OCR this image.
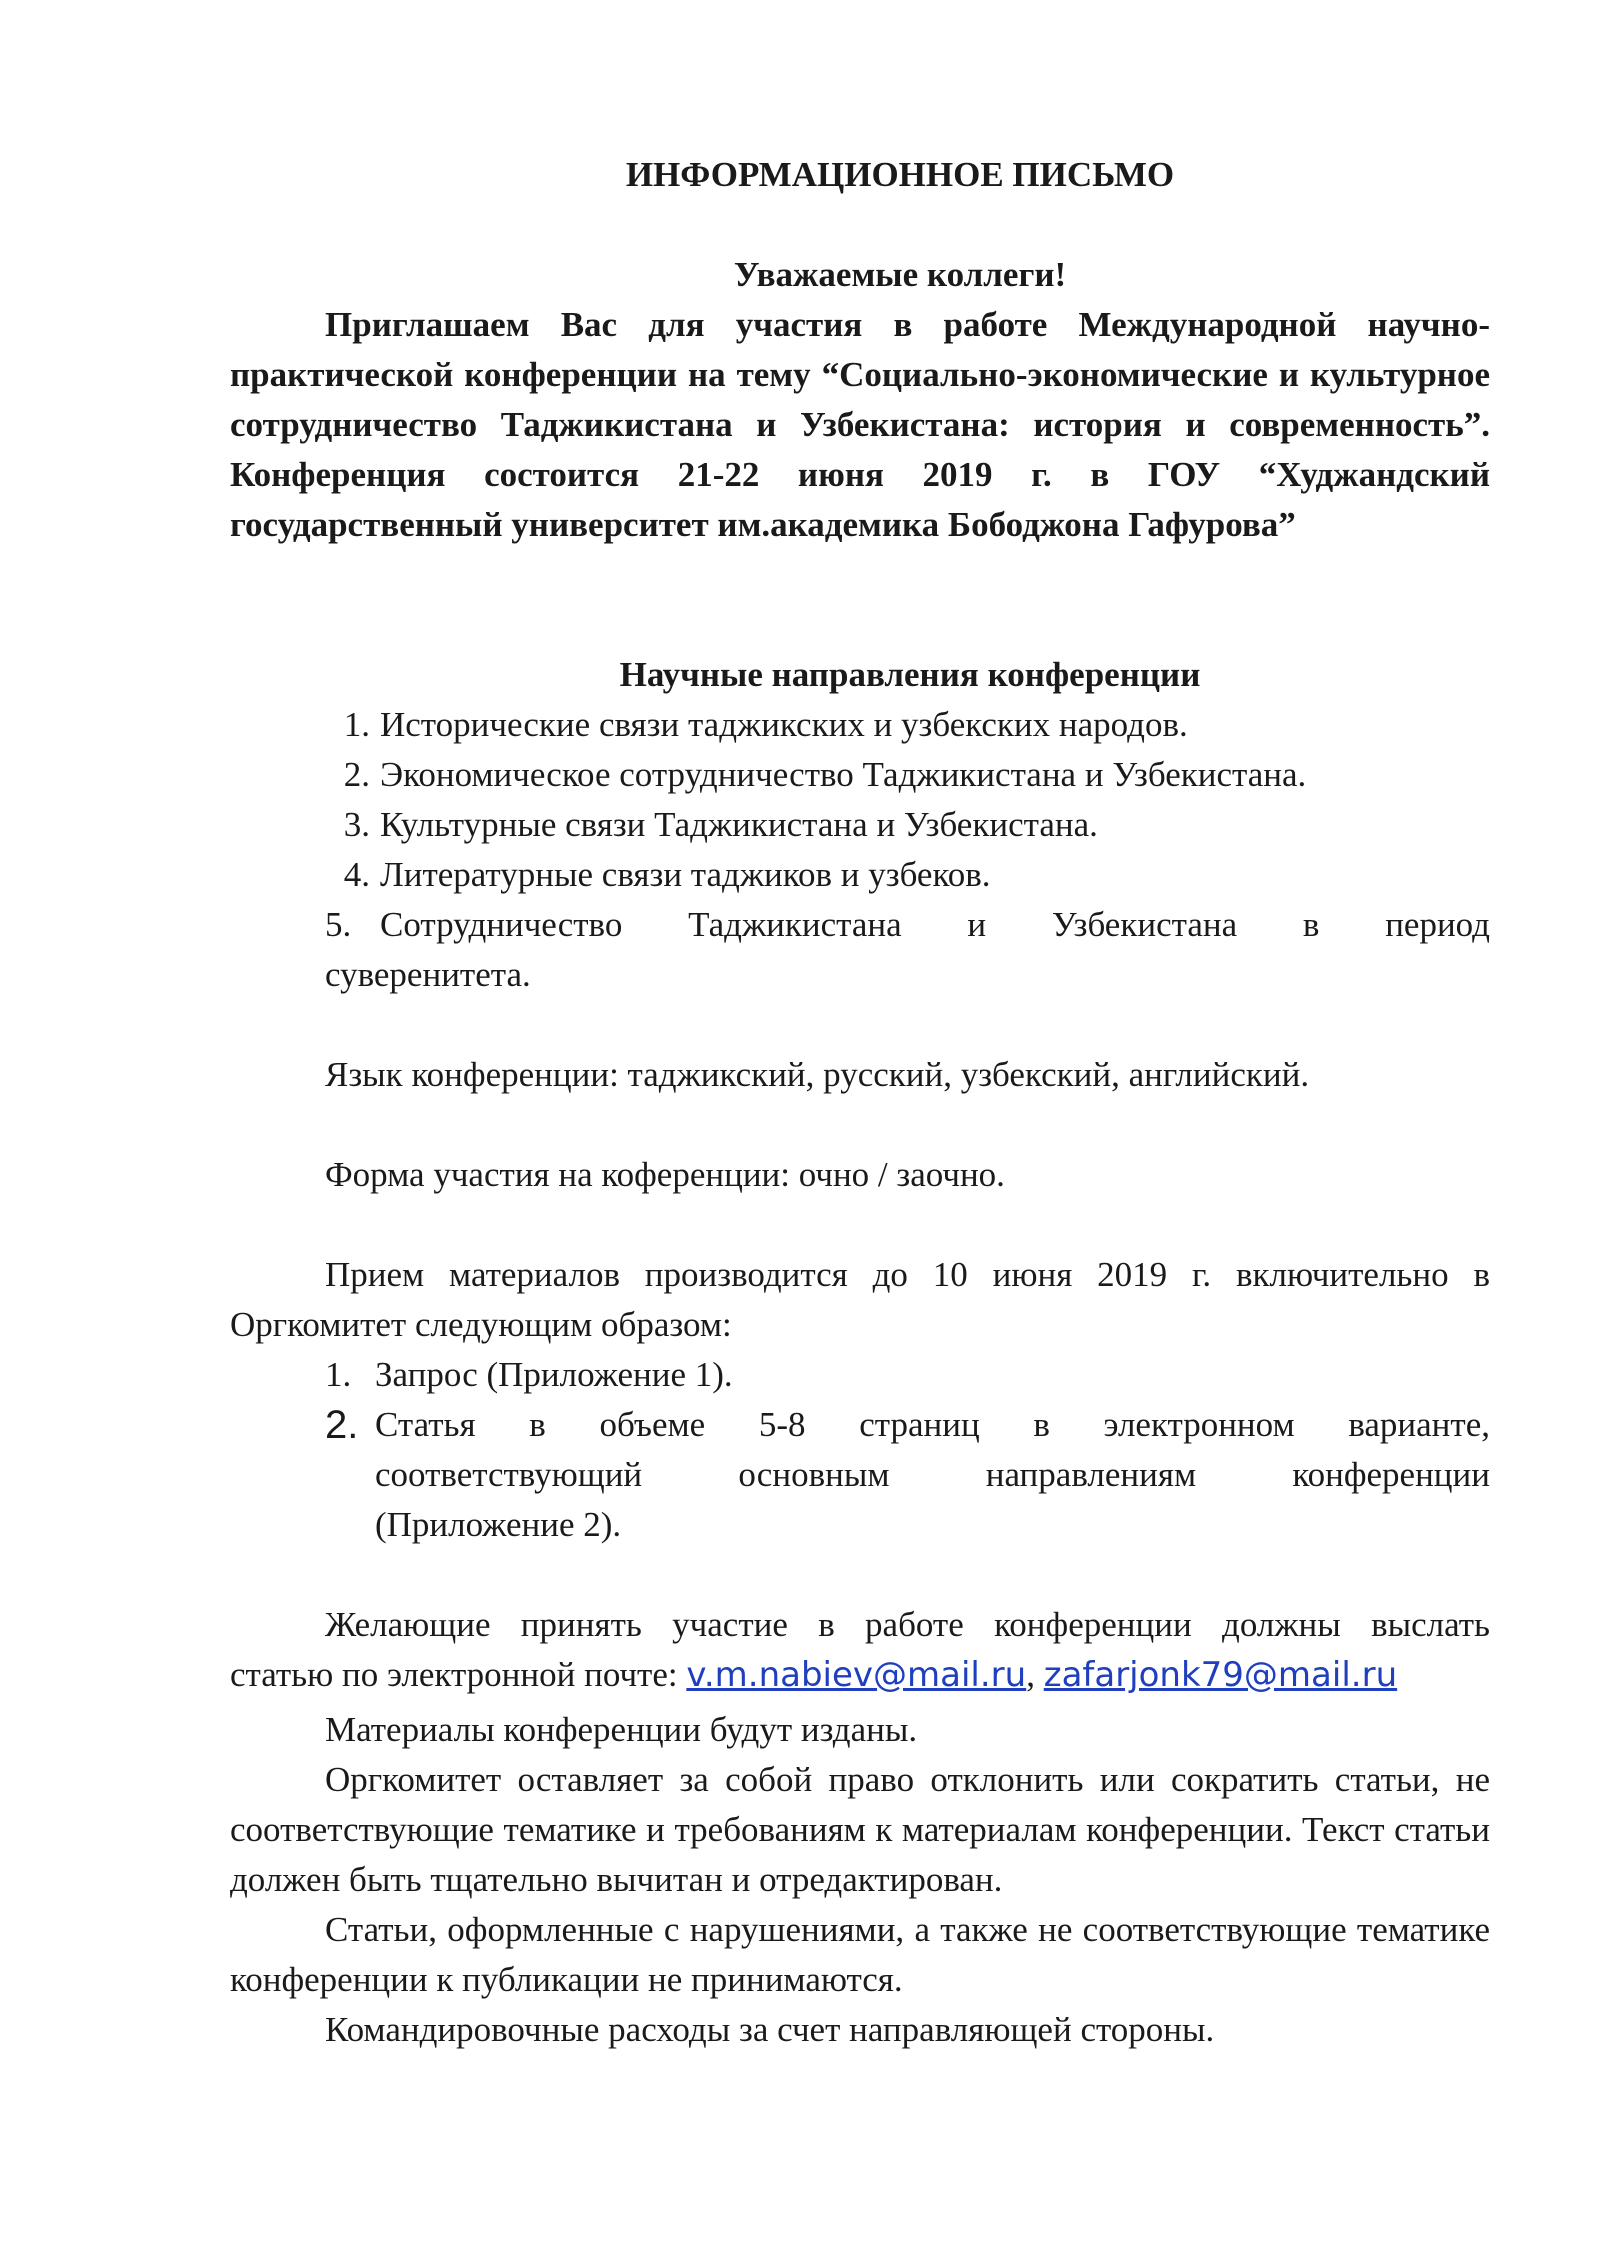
ИНФОРМАЦИОННОЕ ПИСЬМО
Уважаемые коллеги!
Приглашаем Вас для участия в работе Международной научно-практической конференции на тему “Социально-экономические и культурное сотрудничество Таджикистана и Узбекистана: история и современность”. Конференция состоится 21-22 июня 2019 г. в ГОУ “Худжандский государственный университет им.академика Бободжона Гафурова”
Научные направления конференции
1. Исторические связи таджикских и узбекских народов.
2. Экономическое сотрудничество Таджикистана и Узбекистана.
3. Культурные связи Таджикистана и Узбекистана.
4. Литературные связи таджиков и узбеков.
5. Сотрудничество Таджикистана и Узбекистана в период
суверенитета.
Язык конференции: таджикский, русский, узбекский, английский.
Форма участия на коференции: очно / заочно.
Прием материалов производится до 10 июня 2019 г. включительно в Оргкомитет следующим образом:
1. Запрос (Приложение 1).
2. Статья в объеме 5-8 страниц в электронном варианте,
соответствующий основным направлениям конференции
(Приложение 2).
Желающие принять участие в работе конференции должны выслать
статью по электронной почте: v.m.nabiev@mail.ru, zafarjonk79@mail.ru
Материалы конференции будут изданы.
Оргкомитет оставляет за собой право отклонить или сократить статьи, не соответствующие тематике и требованиям к материалам конференции. Текст статьи должен быть тщательно вычитан и отредактирован.
Статьи, оформленные с нарушениями, а также не соответствующие тематике конференции к публикации не принимаются.
Командировочные расходы за счет направляющей стороны.
